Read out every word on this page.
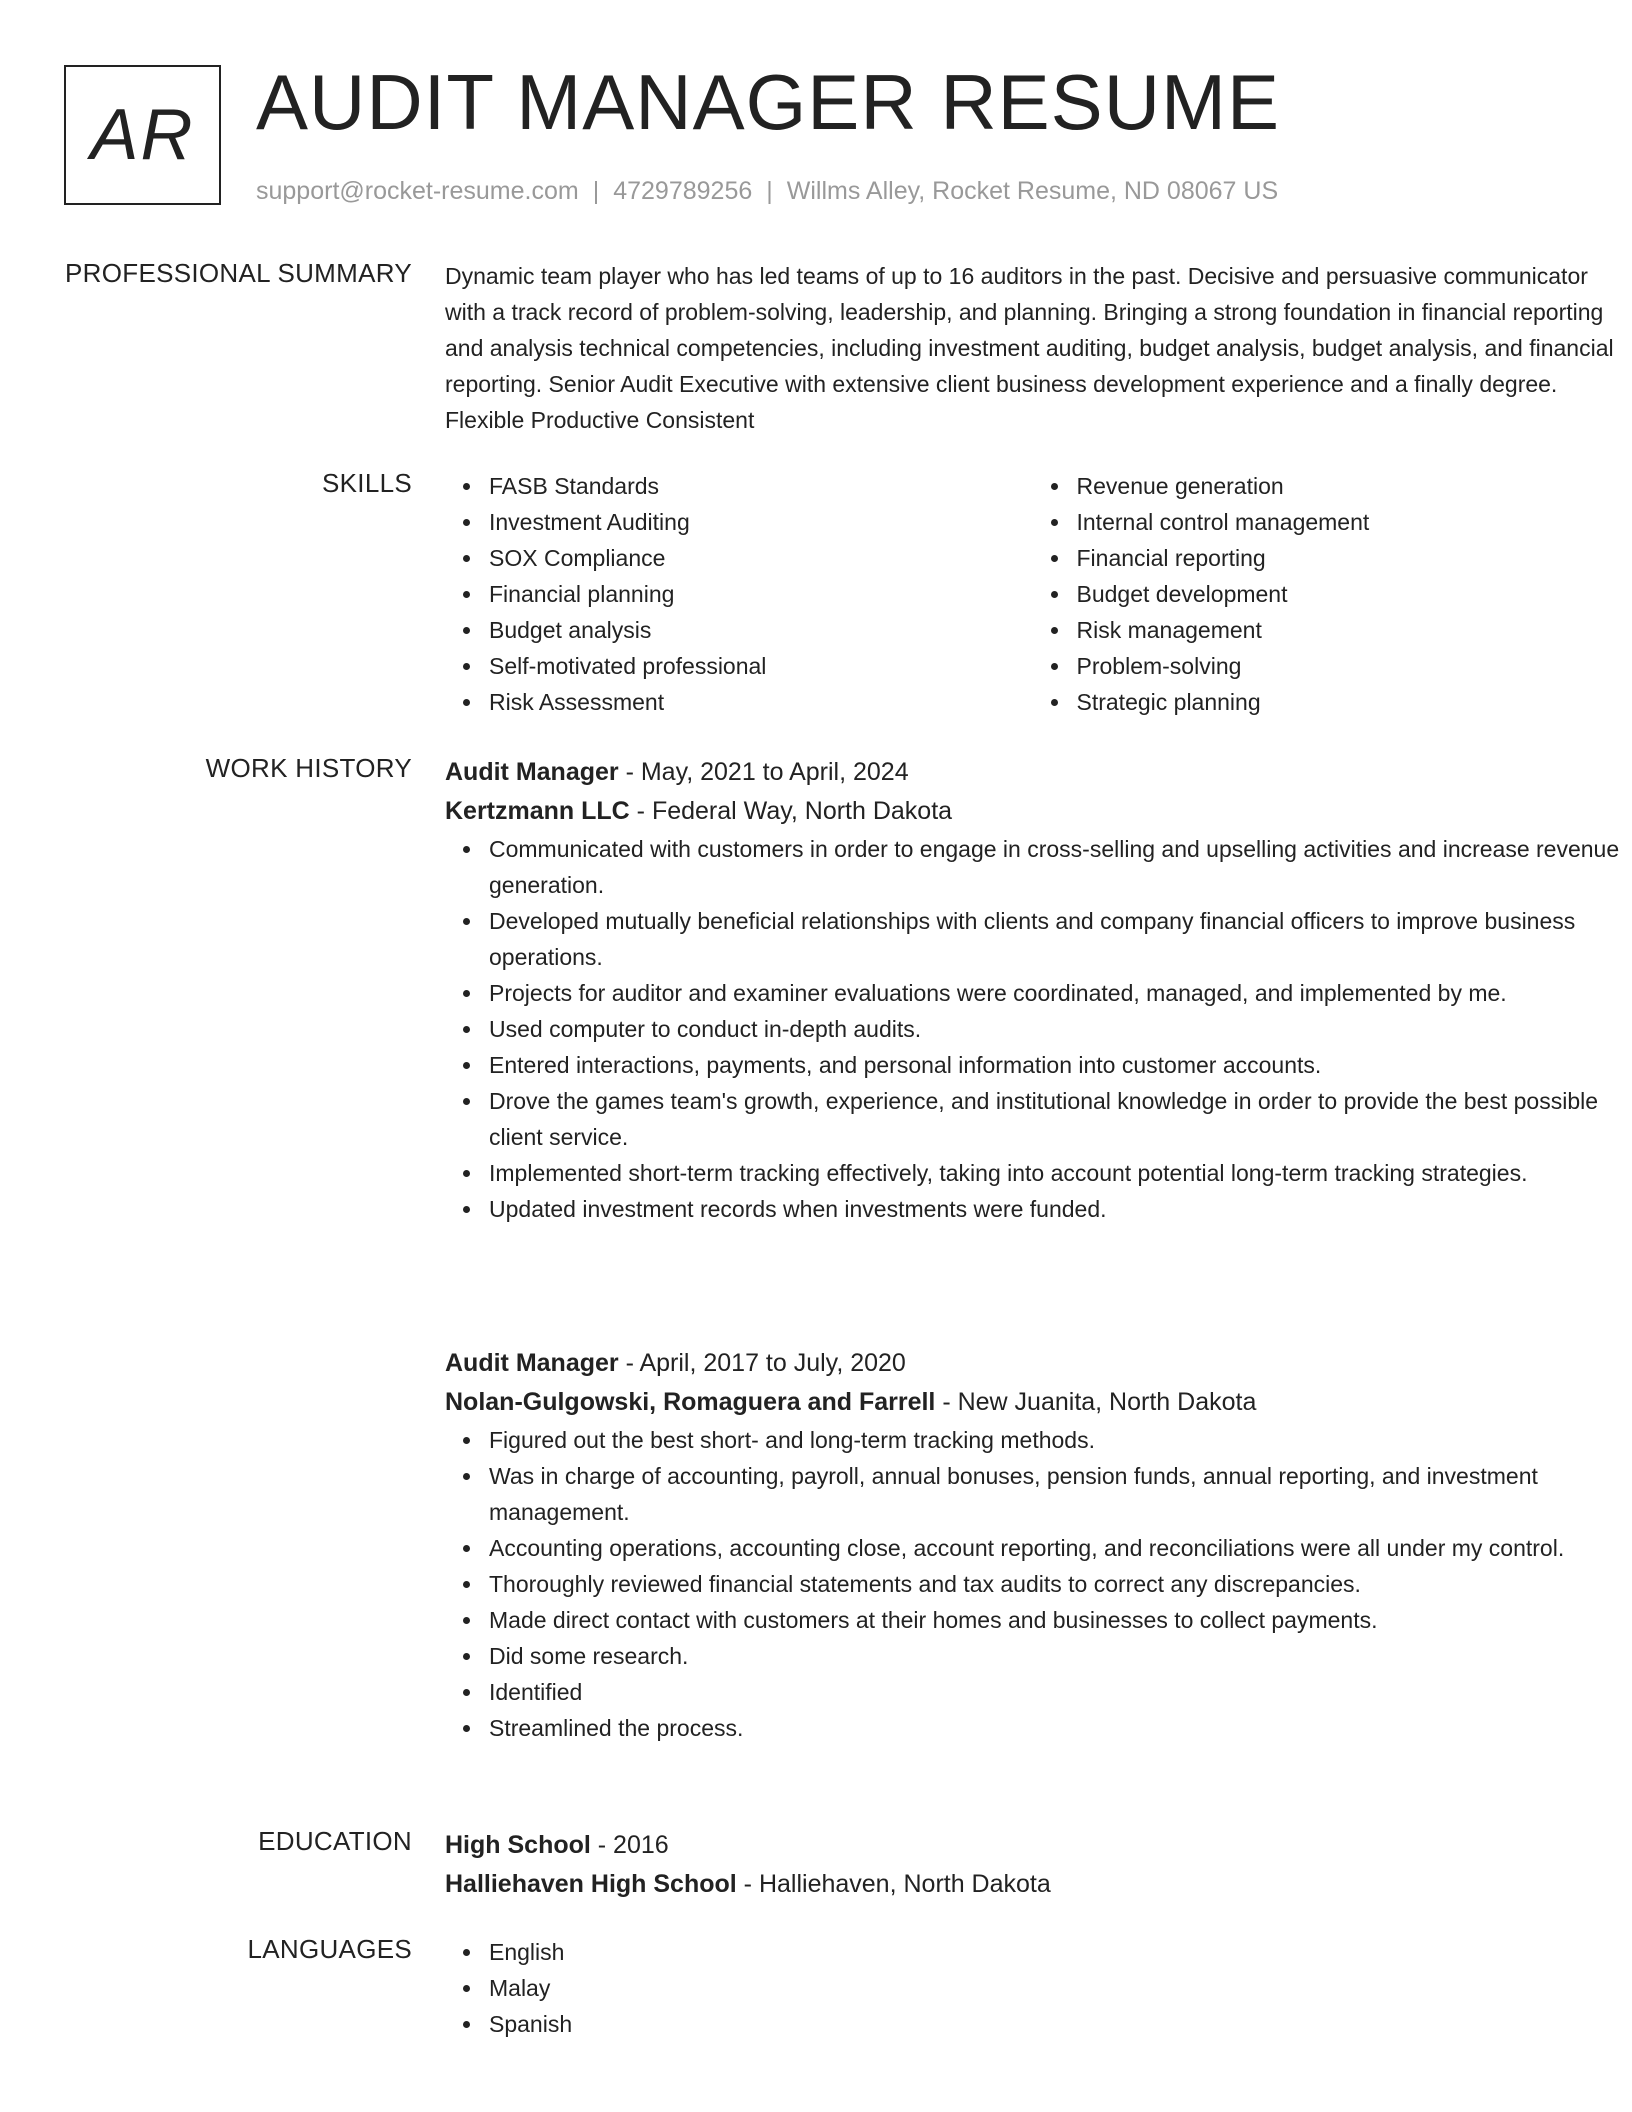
AR AUDIT MANAGER RESUME
support@rocket-resume.com | 4729789256 | Willms Alley, Rocket Resume, ND 08067 US
PROFESSIONAL SUMMARY Dynamic team player who has led teams of up to 16 auditors in the past. Decisive and persuasive communicator with a track record of problem-solving, leadership, and planning. Bringing a strong foundation in financial reporting and analysis technical competencies, including investment auditing, budget analysis, budget analysis, and financial reporting. Senior Audit Executive with extensive client business development experience and a finally degree. Flexible Productive Consistent

SKILLS	FASB Standards
Investment Auditing
SOX Compliance
Financial planning
Budget analysis
Self-motivated professional
Risk Assessment
Revenue generation
Internal control management
Financial reporting
Budget development
Risk management
Problem-solving
Strategic planning
WORK HISTORY Audit Manager - May, 2021 to April, 2024
Kertzmann LLC - Federal Way, North Dakota
Communicated with customers in order to engage in cross-selling and upselling activities and increase revenue generation.
Developed mutually beneficial relationships with clients and company financial officers to improve business operations.
Projects for auditor and examiner evaluations were coordinated, managed, and implemented by me.
Used computer to conduct in-depth audits.
Entered interactions, payments, and personal information into customer accounts.
Drove the games team's growth, experience, and institutional knowledge in order to provide the best possible client service.
Implemented short-term tracking effectively, taking into account potential long-term tracking strategies.
Updated investment records when investments were funded.
Audit Manager - April, 2017 to July, 2020
Nolan-Gulgowski, Romaguera and Farrell - New Juanita, North Dakota
Figured out the best short- and long-term tracking methods.
Was in charge of accounting, payroll, annual bonuses, pension funds, annual reporting, and investment management.
Accounting operations, accounting close, account reporting, and reconciliations were all under my control.
Thoroughly reviewed financial statements and tax audits to correct any discrepancies.
Made direct contact with customers at their homes and businesses to collect payments.
Did some research.
Identified
Streamlined the process.
EDUCATION High School - 2016
Halliehaven High School - Halliehaven, North Dakota
LANGUAGES	English
Malay
Spanish
